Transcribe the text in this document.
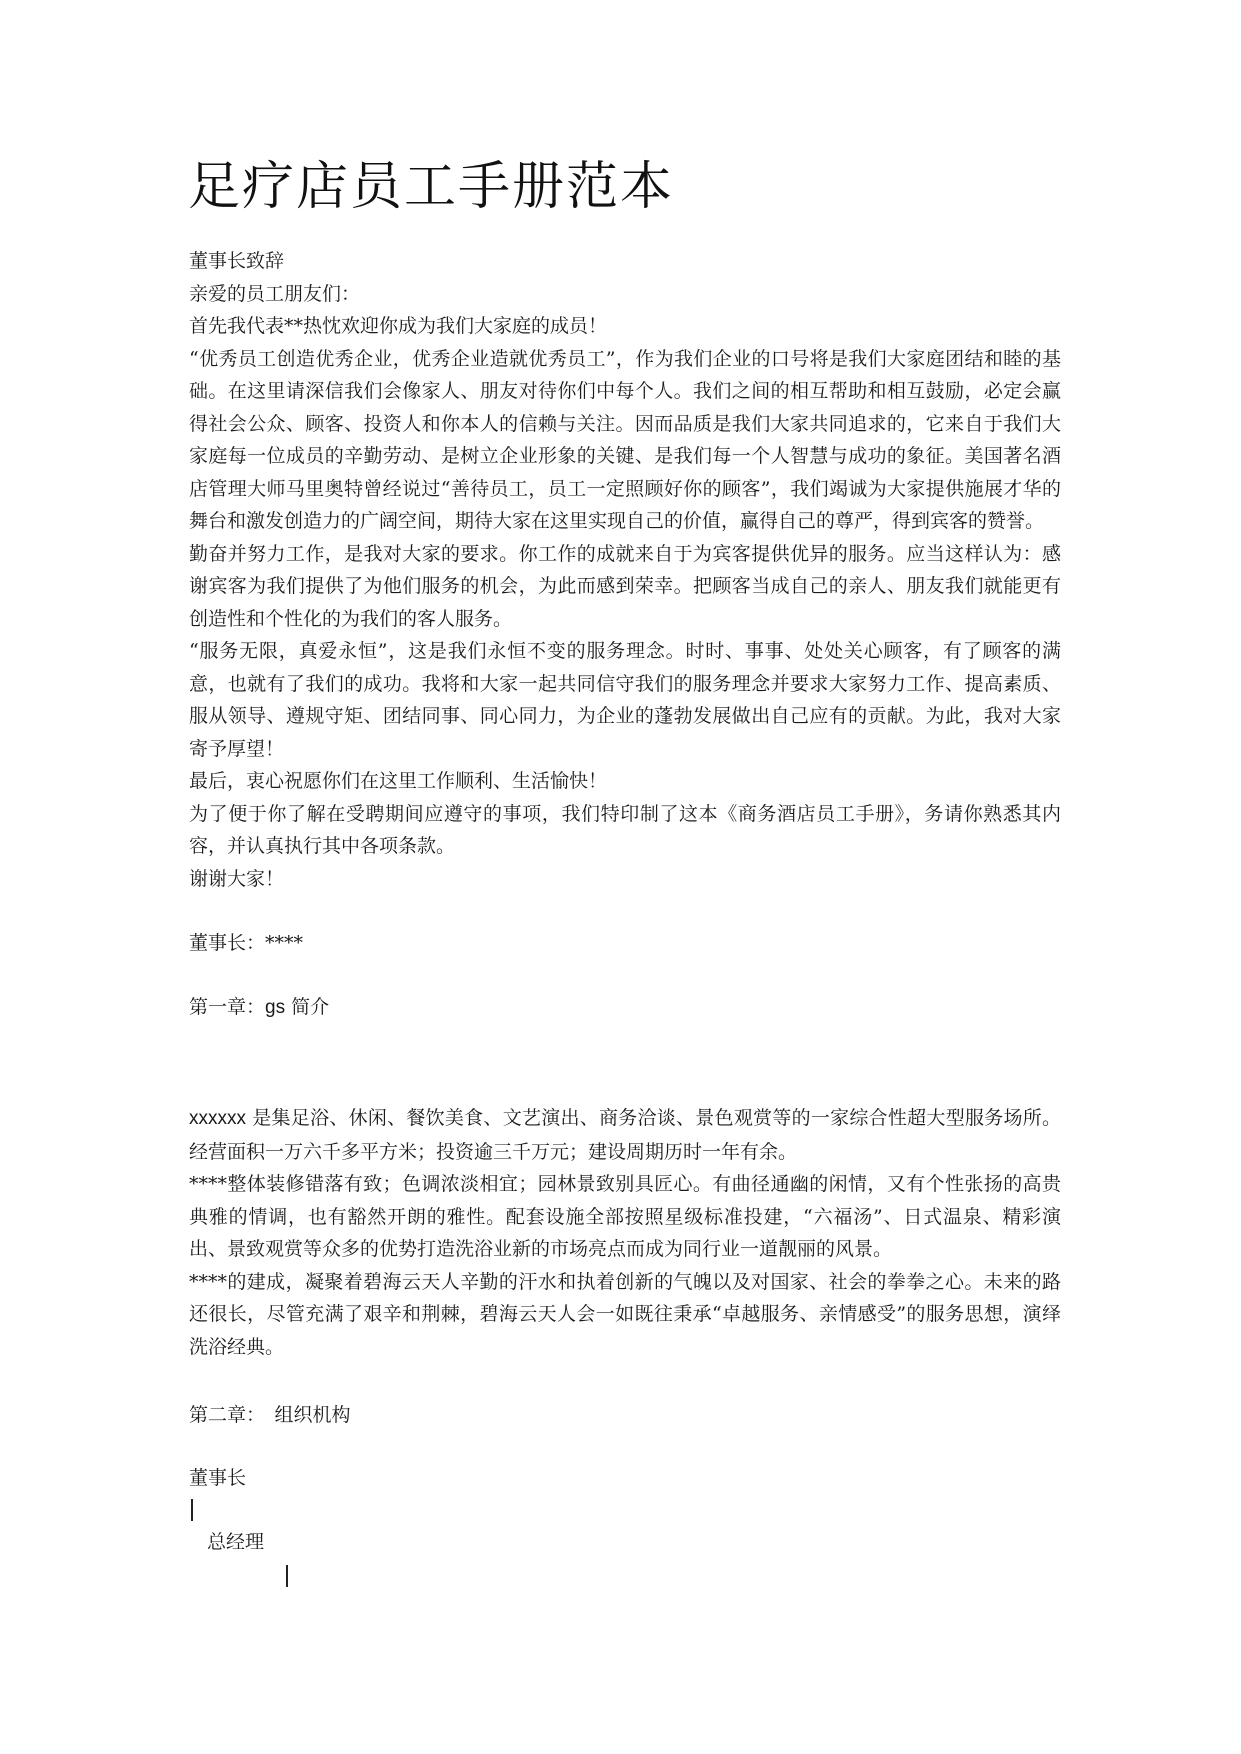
足疗店员工手册范本

董事长致辞

亲爱的员工朋友们：

首先我代表**热忱欢迎你成为我们大家庭的成员！

“优秀员工创造优秀企业，优秀企业造就优秀员工”，作为我们企业的口号将是我们大家庭团结和睦的基础。在这里请深信我们会像家人、朋友对待你们中每个人。我们之间的相互帮助和相互鼓励，必定会赢得社会公众、顾客、投资人和你本人的信赖与关注。因而品质是我们大家共同追求的，它来自于我们大家庭每一位成员的辛勤劳动、是树立企业形象的关键、是我们每一个人智慧与成功的象征。美国著名酒店管理大师马里奥特曾经说过“善待员工，员工一定照顾好你的顾客”，我们竭诚为大家提供施展才华的舞台和激发创造力的广阔空间，期待大家在这里实现自己的价值，赢得自己的尊严，得到宾客的赞誉。

勤奋并努力工作，是我对大家的要求。你工作的成就来自于为宾客提供优异的服务。应当这样认为：感谢宾客为我们提供了为他们服务的机会，为此而感到荣幸。把顾客当成自己的亲人、朋友我们就能更有创造性和个性化的为我们的客人服务。

“服务无限，真爱永恒”，这是我们永恒不变的服务理念。时时、事事、处处关心顾客，有了顾客的满意，也就有了我们的成功。我将和大家一起共同信守我们的服务理念并要求大家努力工作、提高素质、服从领导、遵规守矩、团结同事、同心同力，为企业的蓬勃发展做出自己应有的贡献。为此，我对大家寄予厚望！

最后，衷心祝愿你们在这里工作顺利、生活愉快！

为了便于你了解在受聘期间应遵守的事项，我们特印制了这本《商务酒店员工手册》，务请你熟悉其内容，并认真执行其中各项条款。

谢谢大家！

董事长：****

第一章：gs 简介

xxxxxx 是集足浴、休闲、餐饮美食、文艺演出、商务洽谈、景色观赏等的一家综合性超大型服务场所。经营面积一万六千多平方米；投资逾三千万元；建设周期历时一年有余。

****整体装修错落有致；色调浓淡相宜；园林景致别具匠心。有曲径通幽的闲情，又有个性张扬的高贵典雅的情调，也有豁然开朗的雅性。配套设施全部按照星级标准投建，“六福汤”、日式温泉、精彩演出、景致观赏等众多的优势打造洗浴业新的市场亮点而成为同行业一道靓丽的风景。

****的建成，凝聚着碧海云天人辛勤的汗水和执着创新的气魄以及对国家、社会的拳拳之心。未来的路还很长，尽管充满了艰辛和荆棘，碧海云天人会一如既往秉承“卓越服务、亲情感受”的服务思想，演绎洗浴经典。

第二章：　组织机构

董事长

总经理
